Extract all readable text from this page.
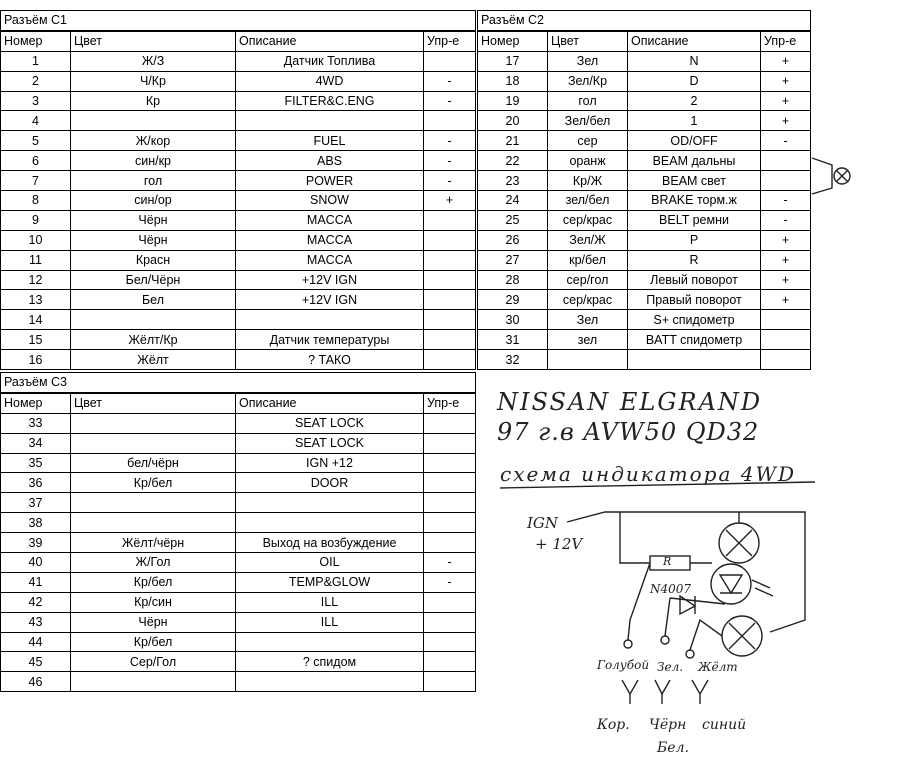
Разъём С1			
Номер	Цвет	Описание	Упр-е
1	Ж/З	Датчик Топлива	
2	Ч/Кр	4WD	-
3	Кр	FILTER&C.ENG	-
4			
5	Ж/кор	FUEL	-
6	син/кр	ABS	-
7	гол	POWER	-
8	син/ор	SNOW	+
9	Чёрн	MACCA	
10	Чёрн	MACCA	
11	Красн	MACCA	
12	Бел/Чёрн	+12V IGN	
13	Бел	+12V IGN	
14			
15	Жёлт/Кр	Датчик температуры	
16	Жёлт	? ТАКО	
Разъём С2			
Номер	Цвет	Описание	Упр-е
17	Зел	N	+
18	Зел/Кр	D	+
19	гол	2	+
20	Зел/бел	1	+
21	сер	OD/OFF	-
22	оранж	BEAM дальны	
23	Кр/Ж	BEAM свет	
24	зел/бел	BRAKE торм.ж	-
25	сер/крас	BELT ремни	-
26	Зел/Ж	P	+
27	кр/бел	R	+
28	сер/гол	Левый поворот	+
29	сер/крас	Правый поворот	+
30	Зел	S+ спидометр	
31	зел	BATT спидометр	
32			
Разъём С3			
Номер	Цвет	Описание	Упр-е
33		SEAT LOCK	
34		SEAT LOCK	
35	бел/чёрн	IGN +12	
36	Кр/бел	DOOR	
37			
38			
39	Жёлт/чёрн	Выход на возбуждение	
40	Ж/Гол	OIL	-
41	Кр/бел	TEMP&GLOW	-
42	Кр/син	ILL	
43	Чёрн	ILL	
44	Кр/бел		
45	Сер/Гол	? спидом	
46			
NISSAN ELGRAND
97 г.в AVW50 QD32
схема индикатора 4WD
IGN
+ 12V
R
N4007
Голубой Зел. Жёлт
Кор. Чёрн синий
Бел.
